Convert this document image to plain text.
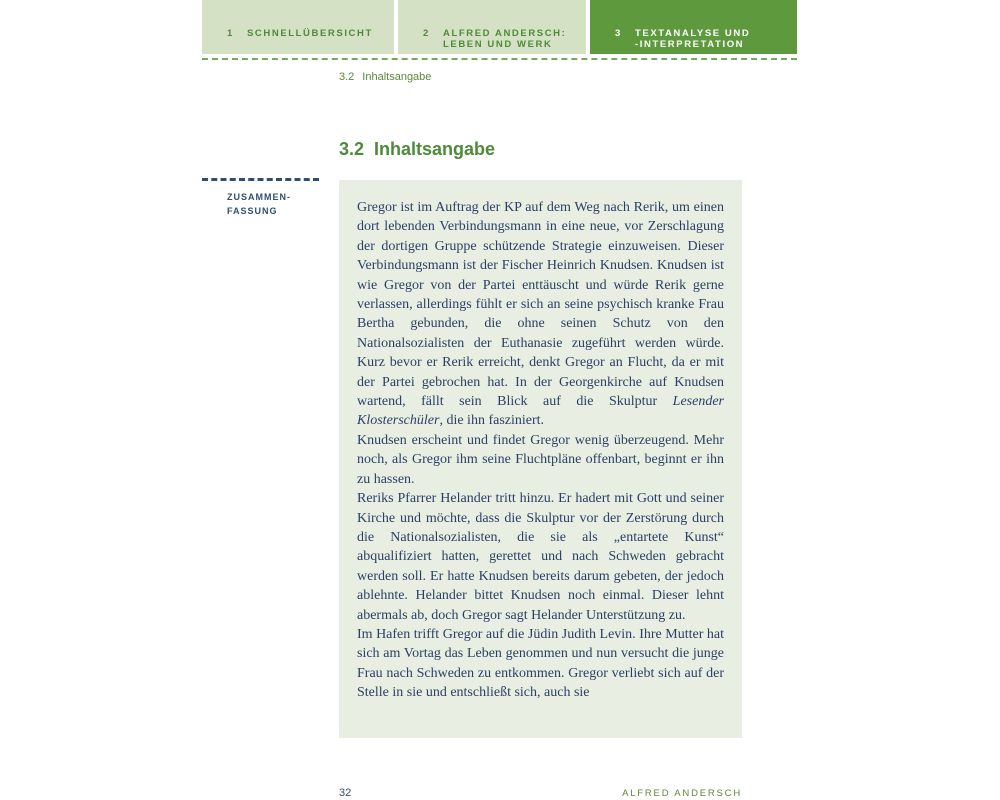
1 SCHNELLÜBERSICHT	2 ALFRED ANDERSCH:
LEBEN UND WERK
3 TEXTANALYSE UND
-INTERPRETATION
3.2 Inhaltsangabe
3.2 Inhaltsangabe
ZUSAMMEN-
FASSUNG	Gregor ist im Auftrag der KP auf dem Weg nach Rerik, um einen dort lebenden Verbindungsmann in eine neue, vor Zerschlagung der dortigen Gruppe schützende Strategie einzuweisen. Dieser Verbindungsmann ist der Fischer Heinrich Knudsen. Knudsen ist wie Gregor von der Partei enttäuscht und würde Rerik gerne verlassen, allerdings fühlt er sich an seine psychisch kranke Frau Bertha gebunden, die ohne seinen Schutz von den Nationalsozialisten der Euthanasie zugeführt werden würde. Kurz bevor er Rerik erreicht, denkt Gregor an Flucht, da er mit der Partei gebrochen hat. In der Georgenkirche auf Knudsen wartend, fällt sein Blick auf die Skulptur Lesender Klosterschüler, die ihn fasziniert.

Knudsen erscheint und findet Gregor wenig überzeugend. Mehr noch, als Gregor ihm seine Fluchtpläne offenbart, beginnt er ihn zu hassen.

Reriks Pfarrer Helander tritt hinzu. Er hadert mit Gott und seiner Kirche und möchte, dass die Skulptur vor der Zerstörung durch die Nationalsozialisten, die sie als „entartete Kunst“ abqualifiziert hatten, gerettet und nach Schweden gebracht werden soll. Er hatte Knudsen bereits darum gebeten, der jedoch ablehnte. Helander bittet Knudsen noch einmal. Dieser lehnt abermals ab, doch Gregor sagt Helander Unterstützung zu.

Im Hafen trifft Gregor auf die Jüdin Judith Levin. Ihre Mutter hat sich am Vortag das Leben genommen und nun versucht die junge Frau nach Schweden zu entkommen. Gregor verliebt sich auf der Stelle in sie und entschließt sich, auch sie

32	ALFRED ANDERSCH
